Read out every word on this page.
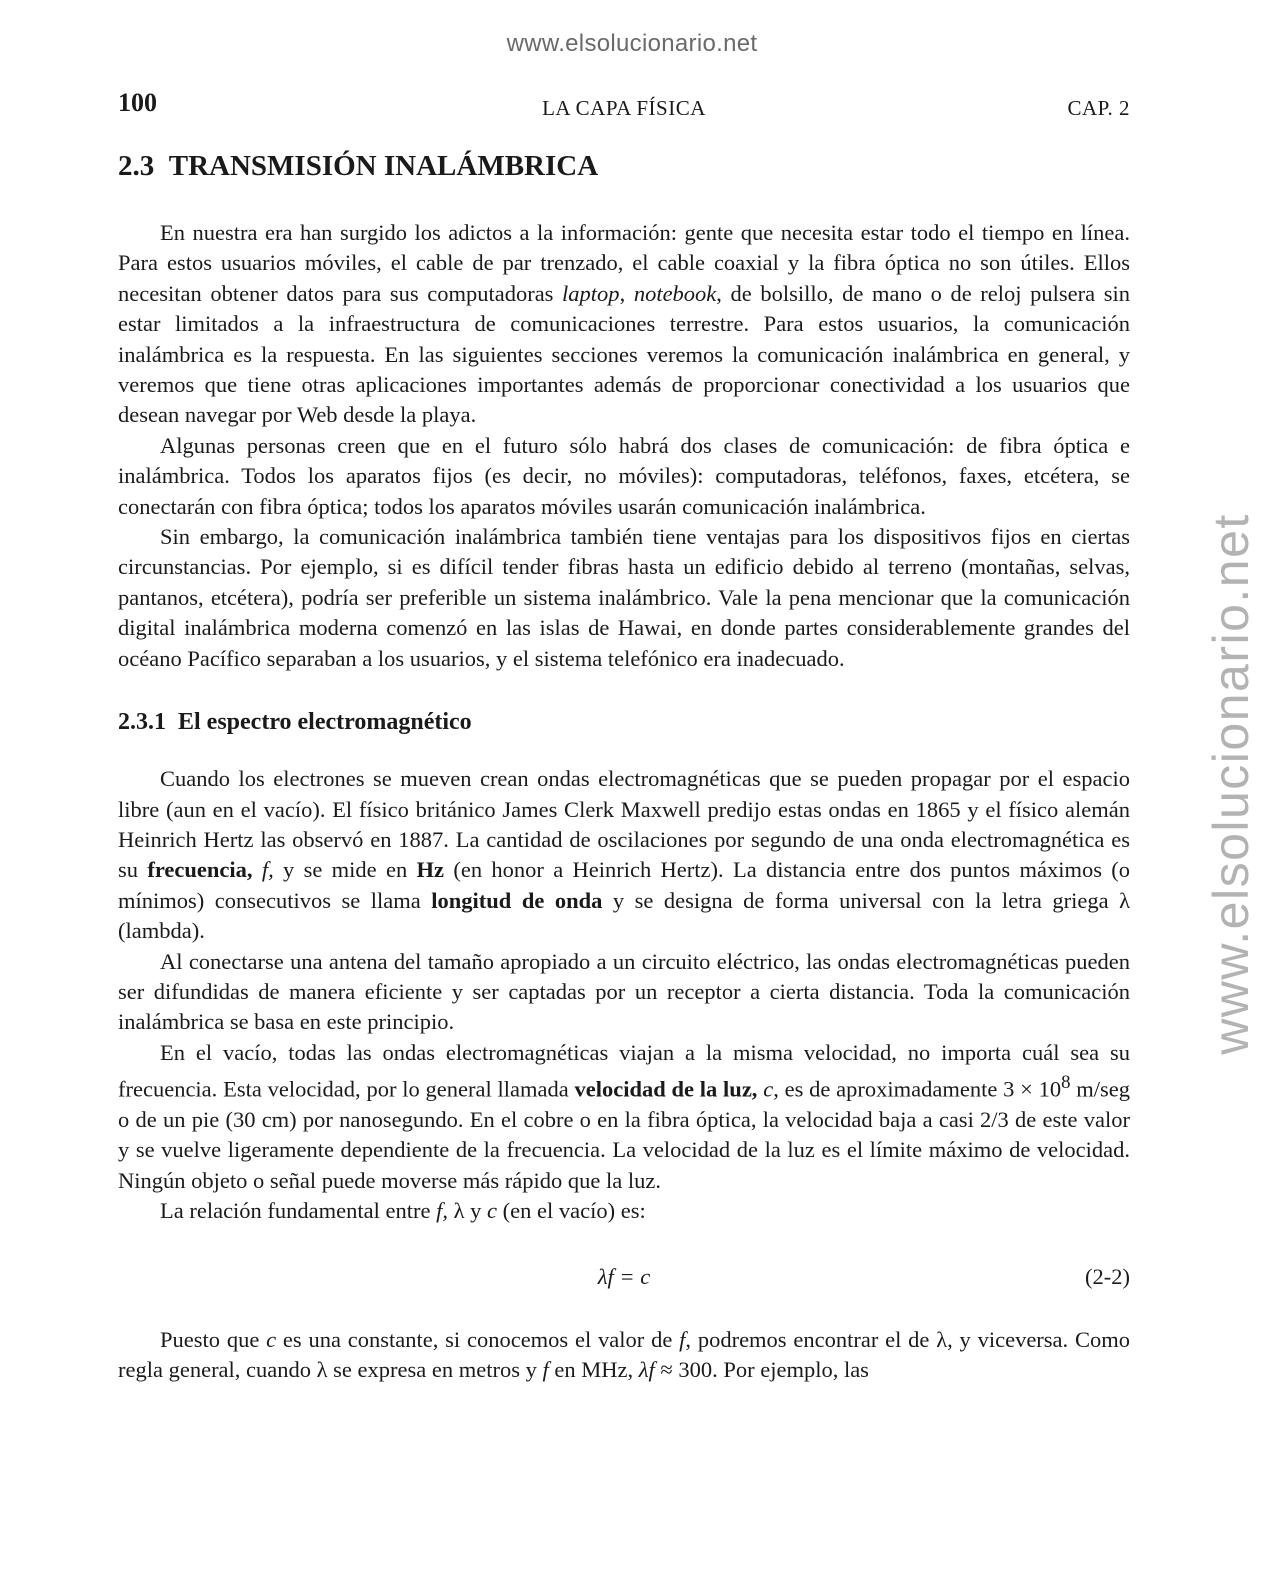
www.elsolucionario.net
www.elsolucionario.net
100	LA CAPA FÍSICA	CAP. 2
2.3 TRANSMISIÓN INALÁMBRICA

En nuestra era han surgido los adictos a la información: gente que necesita estar todo el tiempo en línea. Para estos usuarios móviles, el cable de par trenzado, el cable coaxial y la fibra óptica no son útiles. Ellos necesitan obtener datos para sus computadoras laptop, notebook, de bolsillo, de mano o de reloj pulsera sin estar limitados a la infraestructura de comunicaciones terrestre. Para estos usuarios, la comunicación inalámbrica es la respuesta. En las siguientes secciones veremos la comunicación inalámbrica en general, y veremos que tiene otras aplicaciones importantes además de proporcionar conectividad a los usuarios que desean navegar por Web desde la playa.

Algunas personas creen que en el futuro sólo habrá dos clases de comunicación: de fibra óptica e inalámbrica. Todos los aparatos fijos (es decir, no móviles): computadoras, teléfonos, faxes, etcétera, se conectarán con fibra óptica; todos los aparatos móviles usarán comunicación inalámbrica.

Sin embargo, la comunicación inalámbrica también tiene ventajas para los dispositivos fijos en ciertas circunstancias. Por ejemplo, si es difícil tender fibras hasta un edificio debido al terreno (montañas, selvas, pantanos, etcétera), podría ser preferible un sistema inalámbrico. Vale la pena mencionar que la comunicación digital inalámbrica moderna comenzó en las islas de Hawai, en donde partes considerablemente grandes del océano Pacífico separaban a los usuarios, y el sistema telefónico era inadecuado.

2.3.1 El espectro electromagnético

Cuando los electrones se mueven crean ondas electromagnéticas que se pueden propagar por el espacio libre (aun en el vacío). El físico británico James Clerk Maxwell predijo estas ondas en 1865 y el físico alemán Heinrich Hertz las observó en 1887. La cantidad de oscilaciones por segundo de una onda electromagnética es su frecuencia, f, y se mide en Hz (en honor a Heinrich Hertz). La distancia entre dos puntos máximos (o mínimos) consecutivos se llama longitud de onda y se designa de forma universal con la letra griega λ (lambda).

Al conectarse una antena del tamaño apropiado a un circuito eléctrico, las ondas electromagnéticas pueden ser difundidas de manera eficiente y ser captadas por un receptor a cierta distancia. Toda la comunicación inalámbrica se basa en este principio.

En el vacío, todas las ondas electromagnéticas viajan a la misma velocidad, no importa cuál sea su frecuencia. Esta velocidad, por lo general llamada velocidad de la luz, c, es de aproximadamente $3 \times 10^8$ m/seg o de un pie (30 cm) por nanosegundo. En el cobre o en la fibra óptica, la velocidad baja a casi 2/3 de este valor y se vuelve ligeramente dependiente de la frecuencia. La velocidad de la luz es el límite máximo de velocidad. Ningún objeto o señal puede moverse más rápido que la luz.

La relación fundamental entre f, λ y c (en el vacío) es:

λf = c	(2-2)

Puesto que c es una constante, si conocemos el valor de f, podremos encontrar el de λ, y viceversa. Como regla general, cuando λ se expresa en metros y f en MHz, λf ≈ 300. Por ejemplo, las
